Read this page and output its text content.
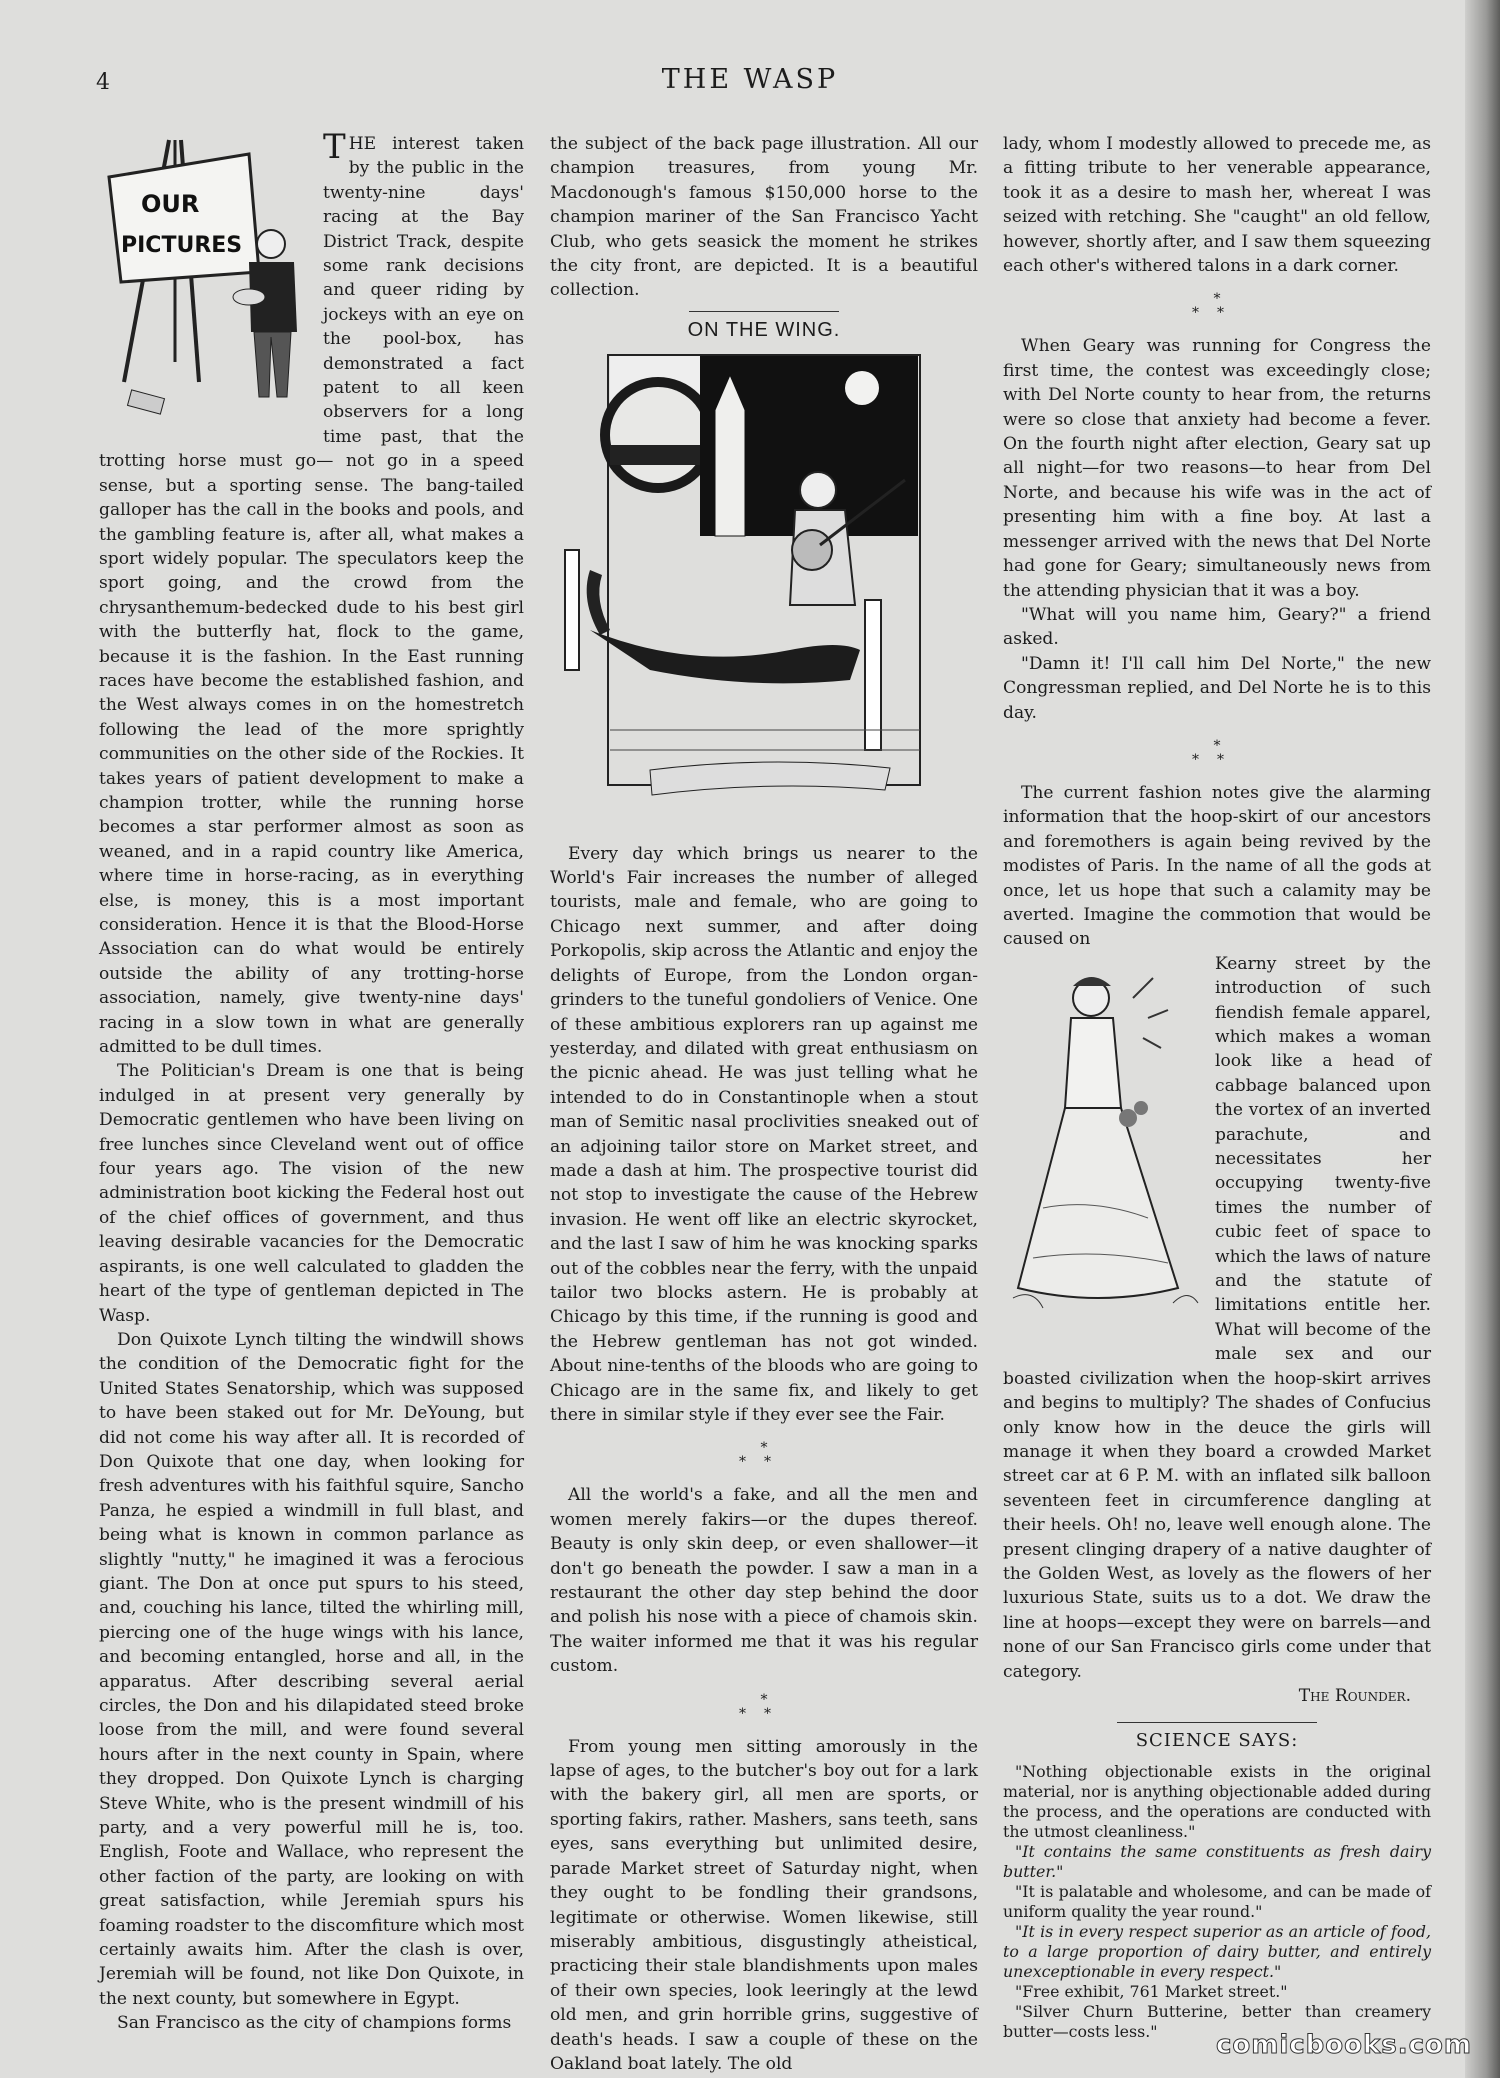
4	THE WASP
OUR
PICTURES

THE interest taken by the public in the twenty-nine days' racing at the Bay District Track, despite some rank decisions and queer riding by jockeys with an eye on the pool-box, has demonstrated a fact patent to all keen observers for a long time past, that the trotting horse must go— not go in a speed sense, but a sporting sense. The bang-tailed galloper has the call in the books and pools, and the gambling feature is, after all, what makes a sport widely popular. The speculators keep the sport going, and the crowd from the chrysanthemum-bedecked dude to his best girl with the butterfly hat, flock to the game, because it is the fashion. In the East running races have become the established fashion, and the West always comes in on the homestretch following the lead of the more sprightly communities on the other side of the Rockies. It takes years of patient development to make a champion trotter, while the running horse becomes a star performer almost as soon as weaned, and in a rapid country like America, where time in horse-racing, as in everything else, is money, this is a most important consideration. Hence it is that the Blood-Horse Association can do what would be entirely outside the ability of any trotting-horse association, namely, give twenty-nine days' racing in a slow town in what are generally admitted to be dull times.

The Politician's Dream is one that is being indulged in at present very generally by Democratic gentlemen who have been living on free lunches since Cleveland went out of office four years ago. The vision of the new administration boot kicking the Federal host out of the chief offices of government, and thus leaving desirable vacancies for the Democratic aspirants, is one well calculated to gladden the heart of the type of gentleman depicted in The Wasp.

Don Quixote Lynch tilting the windwill shows the condition of the Democratic fight for the United States Senatorship, which was supposed to have been staked out for Mr. DeYoung, but did not come his way after all. It is recorded of Don Quixote that one day, when looking for fresh adventures with his faithful squire, Sancho Panza, he espied a windmill in full blast, and being what is known in common parlance as slightly "nutty," he imagined it was a ferocious giant. The Don at once put spurs to his steed, and, couching his lance, tilted the whirling mill, piercing one of the huge wings with his lance, and becoming entangled, horse and all, in the apparatus. After describing several aerial circles, the Don and his dilapidated steed broke loose from the mill, and were found several hours after in the next county in Spain, where they dropped. Don Quixote Lynch is charging Steve White, who is the present windmill of his party, and a very powerful mill he is, too. English, Foote and Wallace, who represent the other faction of the party, are looking on with great satisfaction, while Jeremiah spurs his foaming roadster to the discomfiture which most certainly awaits him. After the clash is over, Jeremiah will be found, not like Don Quixote, in the next county, but somewhere in Egypt.

San Francisco as the city of champions forms

the subject of the back page illustration. All our champion treasures, from young Mr. Macdonough's famous $150,000 horse to the champion mariner of the San Francisco Yacht Club, who gets seasick the moment he strikes the city front, are depicted. It is a beautiful collection.

ON THE WING.

Every day which brings us nearer to the World's Fair increases the number of alleged tourists, male and female, who are going to Chicago next summer, and after doing Porkopolis, skip across the Atlantic and enjoy the delights of Europe, from the London organ-grinders to the tuneful gondoliers of Venice. One of these ambitious explorers ran up against me yesterday, and dilated with great enthusiasm on the picnic ahead. He was just telling what he intended to do in Constantinople when a stout man of Semitic nasal proclivities sneaked out of an adjoining tailor store on Market street, and made a dash at him. The prospective tourist did not stop to investigate the cause of the Hebrew invasion. He went off like an electric skyrocket, and the last I saw of him he was knocking sparks out of the cobbles near the ferry, with the unpaid tailor two blocks astern. He is probably at Chicago by this time, if the running is good and the Hebrew gentleman has not got winded. About nine-tenths of the bloods who are going to Chicago are in the same fix, and likely to get there in similar style if they ever see the Fair.

*
**

All the world's a fake, and all the men and women merely fakirs—or the dupes thereof. Beauty is only skin deep, or even shallower—it don't go beneath the powder. I saw a man in a restaurant the other day step behind the door and polish his nose with a piece of chamois skin. The waiter informed me that it was his regular custom.

*
**

From young men sitting amorously in the lapse of ages, to the butcher's boy out for a lark with the bakery girl, all men are sports, or sporting fakirs, rather. Mashers, sans teeth, sans eyes, sans everything but unlimited desire, parade Market street of Saturday night, when they ought to be fondling their grandsons, legitimate or otherwise. Women likewise, still miserably ambitious, disgustingly atheistical, practicing their stale blandishments upon males of their own species, look leeringly at the lewd old men, and grin horrible grins, suggestive of death's heads. I saw a couple of these on the Oakland boat lately. The old

lady, whom I modestly allowed to precede me, as a fitting tribute to her venerable appearance, took it as a desire to mash her, whereat I was seized with retching. She "caught" an old fellow, however, shortly after, and I saw them squeezing each other's withered talons in a dark corner.

*
**

When Geary was running for Congress the first time, the contest was exceedingly close; with Del Norte county to hear from, the returns were so close that anxiety had become a fever. On the fourth night after election, Geary sat up all night—for two reasons—to hear from Del Norte, and because his wife was in the act of presenting him with a fine boy. At last a messenger arrived with the news that Del Norte had gone for Geary; simultaneously news from the attending physician that it was a boy.

"What will you name him, Geary?" a friend asked.

"Damn it! I'll call him Del Norte," the new Congressman replied, and Del Norte he is to this day.

*
**

The current fashion notes give the alarming information that the hoop-skirt of our ancestors and foremothers is again being revived by the modistes of Paris. In the name of all the gods at once, let us hope that such a calamity may be averted. Imagine the commotion that would be caused on

Kearny street by the introduction of such fiendish female apparel, which makes a woman look like a head of cabbage balanced upon the vortex of an inverted parachute, and necessitates her occupying twenty-five times the number of cubic feet of space to which the laws of nature and the statute of limitations entitle her. What will become of the male sex and our boasted civilization when the hoop-skirt arrives and begins to multiply? The shades of Confucius only know how in the deuce the girls will manage it when they board a crowded Market street car at 6 P. M. with an inflated silk balloon seventeen feet in circumference dangling at their heels. Oh! no, leave well enough alone. The present clinging drapery of a native daughter of the Golden West, as lovely as the flowers of her luxurious State, suits us to a dot. We draw the line at hoops—except they were on barrels—and none of our San Francisco girls come under that category.

The Rounder.

SCIENCE SAYS:

"Nothing objectionable exists in the original material, nor is anything objectionable added during the process, and the operations are conducted with the utmost cleanliness."

"It contains the same constituents as fresh dairy butter."

"It is palatable and wholesome, and can be made of uniform quality the year round."

"It is in every respect superior as an article of food, to a large proportion of dairy butter, and entirely unexceptionable in every respect."

"Free exhibit, 761 Market street."

"Silver Churn Butterine, better than creamery butter—costs less."	comicbooks.com
